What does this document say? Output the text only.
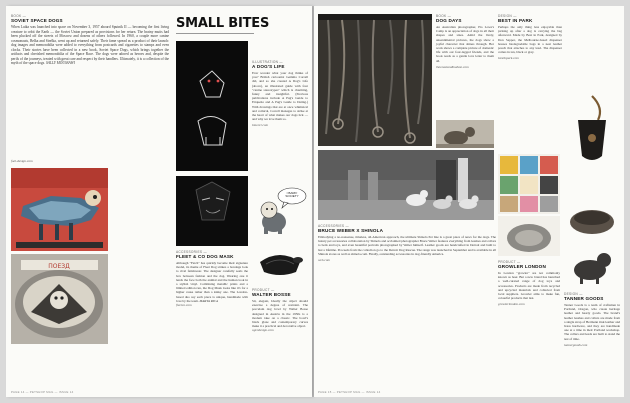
BOOK —
SOVIET SPACE DOGS	SMALL BITES
When Laika was launched into space on November 3, 1957 aboard Sputnik II — becoming the first living creature to orbit the Earth — the Soviet Union prepared as provisions for her return. The brainy mutts had been plucked off the streets of Moscow and dozens of others followed. In 1960, a couple more canine cosmonauts, Belka and Strelka, went up and returned safely. Their fame spread as a product of their launch: dog images and memorabilia were added to everything from postcards and cigarettes to stamps and even clocks. Their stories have been collected in a new book, Soviet Space Dogs, which brings together the artifacts and cherished memorabilia of the Space Race. The dogs were adored as heroes and, despite the perils of the journeys, treated with great care and respect by their handlers. Ultimately, it is a collection of the myth of the space dogs. SALLY MOUSSAWI
fuel-design.com
ПОЕЗД
ILLUSTRATION —
A DOG'S LIFE
Ever wonder what your dog thinks of you? British cartoonist Gemma Correll did, and so she created A Dog's Life (above), an illustrated guide with four "canine stereotypes" which is charming, funny and insightful. (Previous publications include A Pug's Guide to Etiquette and A Pug's Guide to Dating.) With drawings that are at once whimsical and comical, Correll manages to strike at the heart of what makes our dogs tick — and why we love them so.
bmcorr.com
I BARK! SOCIETY
ACCESSORIES —
FLEET & CO DOG MASK
Although "Fetch" has quickly become their signature model, its theme of Fleet Dog strikes a bondage look to rival fetishwear. The designer carefully seals the box between fashion and the dog. Wearing one it lends the face both the animal and the human look in a stylish vinyl. Combining metallic prints and a limited edition run, the Dog Mask looks like it's for a higher cause rather than a kinky one. The London-based duo say each piece is unique, handmade with love by the team. MARTA RICA
fleetco.com
PRODUCT —
WALTER BOSSE
Sit, elegant, Ideally the object should exercise a degree of restraint. The porcelain dog bowl by Walter Bosse designed in Austria in the 1950s is a modern take on a classic. The bowl's black glaze and contemporary curves make it a practical and decorative object.
ogrodesign.com
PAGE 14 — PETSHOP MAG — ISSUE 14
BOOK —
DOG DAYS
An Australian photographer, Pia Lowe's Camp is an appreciation of dogs in all their shapes and sizes. Amid the lively, unsentimental pictures, the dogs show a joyful character that shines through. Her work shows a complete picture of domestic life with our four-legged friends, and the book reads as a gentle love letter to them all.
thecoastandhudson.com
DESIGN —
BEST IN PARK
Perhaps the only thing less enjoyable than picking up after a dog is carrying the bag afterward. Made by Best in Park, designed by Don Sapper, the Melbourne-based dispenser houses biodegradable bags in a neat leather pouch that attaches to any lead. The dispenser comes in tan, black or grey.
bestinpark.com
ACCESSORIES —
BRUCE WEBER X SHINOLA
Embodying a no-nonsense, timeless, all-American approach, the ultimate Shinola Pet line is a great piece of news for the dogs. The luxury pet accessories collaboration by Shinola and acclaimed photographer Bruce Weber features everything from leashes and collars to beds and toys, and even beautiful portraits photographed by Weber himself. Leather goods are handcrafted in Detroit and built to last a lifetime. Proceeds from the collection go to the Detroit Dog Rescue. The range was launched in September and is available in all Shinola stores as well as shinola.com. Finally, outstanding accessories in dog-friendly America.
weh.com	PRODUCT —
GROWLER LONDON
In London "growler" are not commonly known as beer. But a new brand has launched a well-curated range of dog toys and accessories. Products are made from recycled and upcycled materials and collected from local suppliers. Growler aims to make fun, colourful products that last.
growlerlondon.com
DESIGN —
TANNER GOODS
Tanner Goods is a team of craftsmen in Portland, Oregon, who create heritage leather and hearty goods. The brand's leather leashes and collars are made from a single strap of Hermann Oak leather and brass hardware, and they are handmade one at a time in their Portland workshop. The collars and leads are built to stand the test of time.
tannergoods.com
PAGE 15 — PETSHOP MAG — ISSUE 14
